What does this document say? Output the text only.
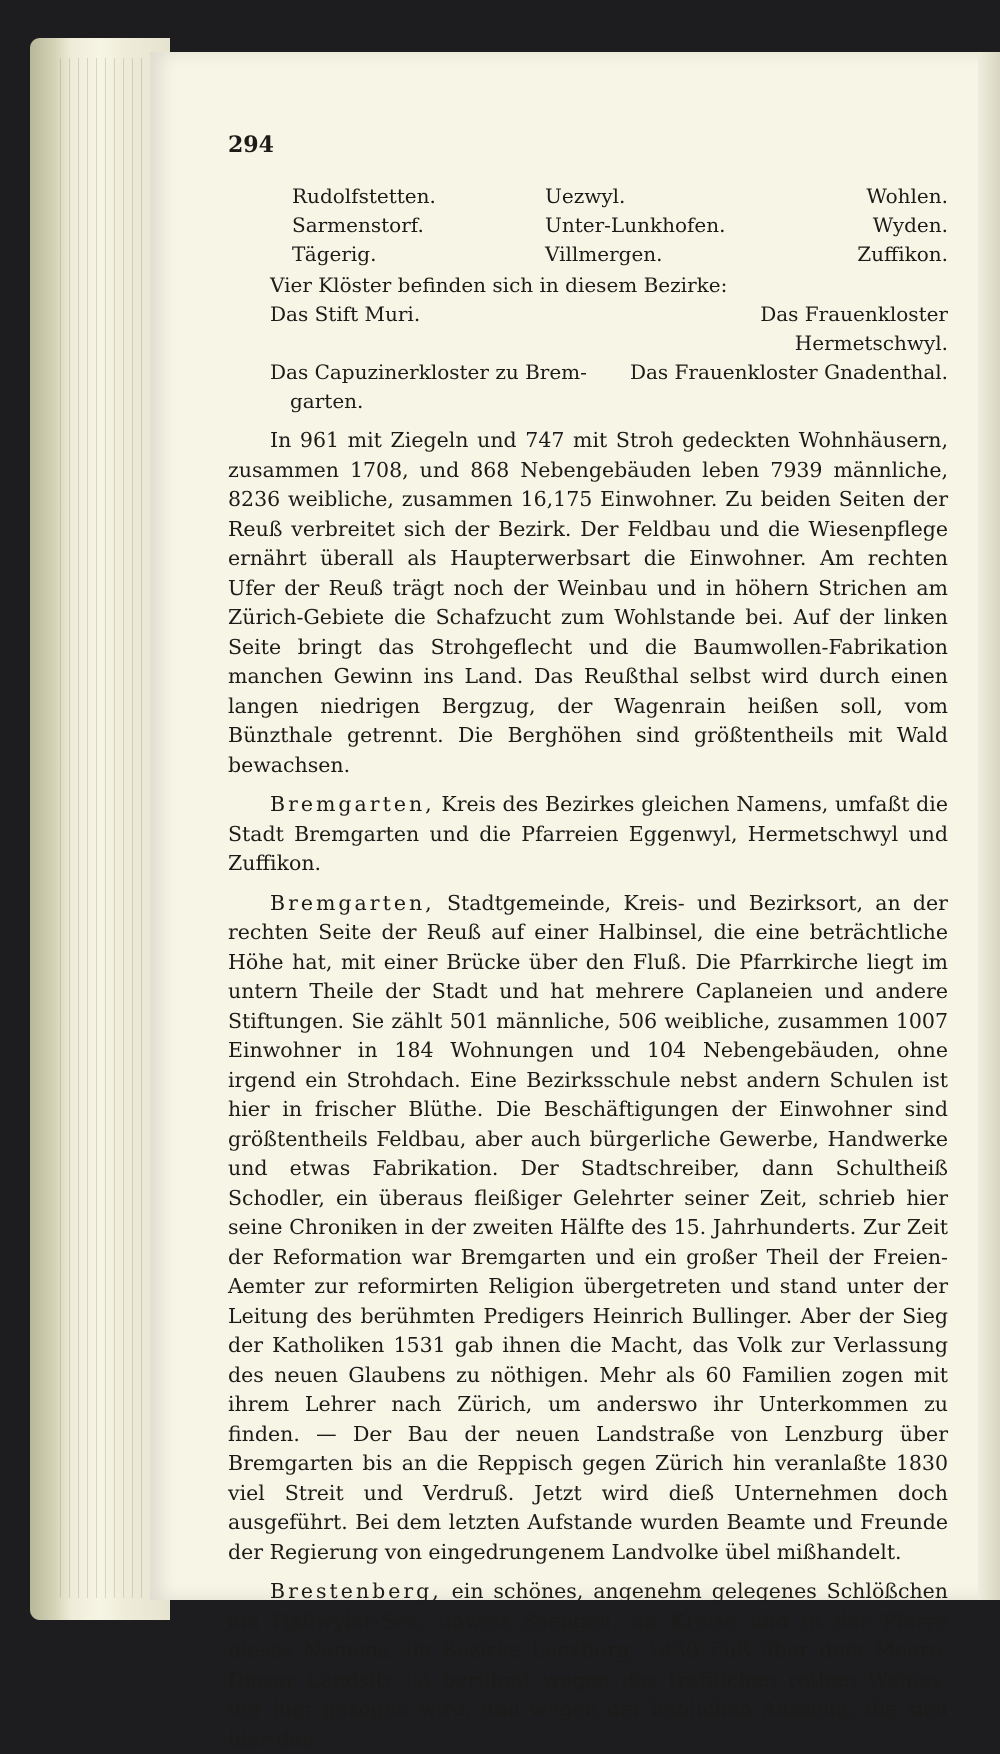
294
Rudolfstetten.	Uezwyl.	Wohlen.
Sarmenstorf.	Unter-Lunkhofen.	Wyden.
Tägerig.	Villmergen.	Zuffikon.
Vier Klöster befinden sich in diesem Bezirke:
Das Stift Muri.	Das Frauenkloster Hermetschwyl.
Das Capuzinerkloster zu Brem-	Das Frauenkloster Gnadenthal.
garten.

In 961 mit Ziegeln und 747 mit Stroh gedeckten Wohnhäusern, zusammen 1708, und 868 Nebengebäuden leben 7939 männliche, 8236 weibliche, zusammen 16,175 Einwohner. Zu beiden Seiten der Reuß verbreitet sich der Bezirk. Der Feldbau und die Wiesenpflege ernährt überall als Haupterwerbsart die Einwohner. Am rechten Ufer der Reuß trägt noch der Weinbau und in höhern Strichen am Zürich-Gebiete die Schafzucht zum Wohlstande bei. Auf der linken Seite bringt das Strohgeflecht und die Baumwollen-Fabrikation manchen Gewinn ins Land. Das Reußthal selbst wird durch einen langen niedrigen Bergzug, der Wagenrain heißen soll, vom Bünzthale getrennt. Die Berghöhen sind größtentheils mit Wald bewachsen.

Bremgarten, Kreis des Bezirkes gleichen Namens, umfaßt die Stadt Bremgarten und die Pfarreien Eggenwyl, Hermetschwyl und Zuffikon.

Bremgarten, Stadtgemeinde, Kreis- und Bezirksort, an der rechten Seite der Reuß auf einer Halbinsel, die eine beträchtliche Höhe hat, mit einer Brücke über den Fluß. Die Pfarrkirche liegt im untern Theile der Stadt und hat mehrere Caplaneien und andere Stiftungen. Sie zählt 501 männliche, 506 weibliche, zusammen 1007 Einwohner in 184 Wohnungen und 104 Nebengebäuden, ohne irgend ein Strohdach. Eine Bezirksschule nebst andern Schulen ist hier in frischer Blüthe. Die Beschäftigungen der Einwohner sind größtentheils Feldbau, aber auch bürgerliche Gewerbe, Handwerke und etwas Fabrikation. Der Stadtschreiber, dann Schultheiß Schodler, ein überaus fleißiger Gelehrter seiner Zeit, schrieb hier seine Chroniken in der zweiten Hälfte des 15. Jahrhunderts. Zur Zeit der Reformation war Bremgarten und ein großer Theil der Freien-Aemter zur reformirten Religion übergetreten und stand unter der Leitung des berühmten Predigers Heinrich Bullinger. Aber der Sieg der Katholiken 1531 gab ihnen die Macht, das Volk zur Verlassung des neuen Glaubens zu nöthigen. Mehr als 60 Familien zogen mit ihrem Lehrer nach Zürich, um anderswo ihr Unterkommen zu finden. — Der Bau der neuen Landstraße von Lenzburg über Bremgarten bis an die Reppisch gegen Zürich hin veranlaßte 1830 viel Streit und Verdruß. Jetzt wird dieß Unternehmen doch ausgeführt. Bei dem letzten Aufstande wurden Beamte und Freunde der Regierung von eingedrungenem Landvolke übel mißhandelt.

Brestenberg, ein schönes, angenehm gelegenes Schlößchen am Hallwyler-See, unweit Seengen, im Kreise und in der Pfarre dieses Namens, im Bezirke Lenzburg, 1430 Fuß über dem Meere. Dieser Landsitz ist berühmt wegen des trefflichen rothen Weines, der hier gezogen wird, und wegen der lieblichen Aussicht, die sich hier den
